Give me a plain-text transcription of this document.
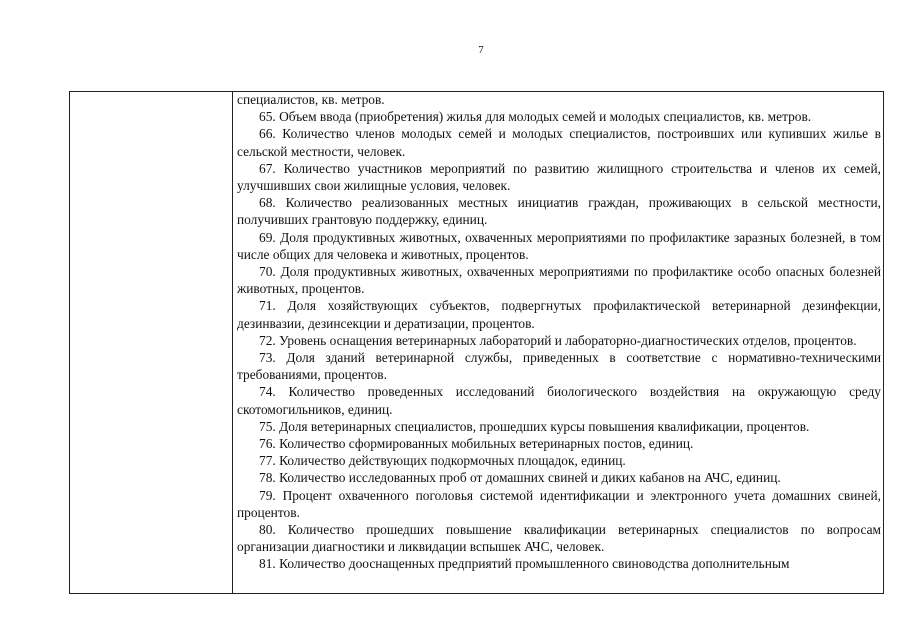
7

специалистов, кв. метров.

65. Объем ввода (приобретения) жилья для молодых семей и молодых специалистов, кв. метров.

66. Количество членов молодых семей и молодых специалистов, построивших или купивших жилье в сельской местности, человек.

67. Количество участников мероприятий по развитию жилищного строительства и членов их семей, улучшивших свои жилищные условия, человек.

68. Количество реализованных местных инициатив граждан, проживающих в сельской местности, получивших грантовую поддержку, единиц.

69. Доля продуктивных животных, охваченных мероприятиями по профилактике заразных болезней, в том числе общих для человека и животных, процентов.

70. Доля продуктивных животных, охваченных мероприятиями по профилактике особо опасных болезней животных, процентов.

71. Доля хозяйствующих субъектов, подвергнутых профилактической ветеринарной дезинфекции, дезинвазии, дезинсекции и дератизации, процентов.

72. Уровень оснащения ветеринарных лабораторий и лабораторно-диагностических отделов, процентов.

73. Доля зданий ветеринарной службы, приведенных в соответствие с нормативно-техническими требованиями, процентов.

74. Количество проведенных исследований биологического воздействия на окружающую среду скотомогильников, единиц.

75. Доля ветеринарных специалистов, прошедших курсы повышения квалификации, процентов.

76. Количество сформированных мобильных ветеринарных постов, единиц.

77. Количество действующих подкормочных площадок, единиц.

78. Количество исследованных проб от домашних свиней и диких кабанов на АЧС, единиц.

79. Процент охваченного поголовья системой идентификации и электронного учета домашних свиней, процентов.

80. Количество прошедших повышение квалификации ветеринарных специалистов по вопросам организации диагностики и ликвидации вспышек АЧС, человек.

81. Количество дооснащенных предприятий промышленного свиноводства дополнительным
